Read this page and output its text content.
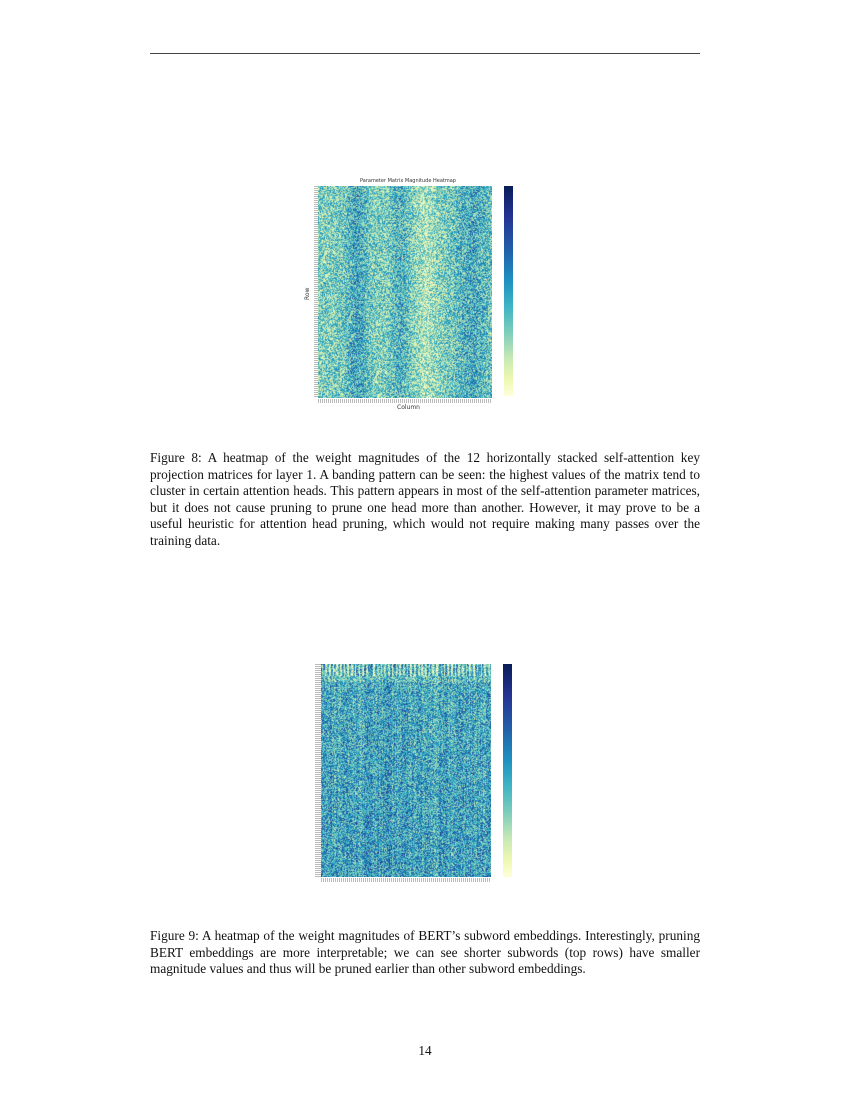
Parameter Matrix Magnitude Heatmap
Column
Row
Figure 8: A heatmap of the weight magnitudes of the 12 horizontally stacked self-attention key projection matrices for layer 1. A banding pattern can be seen: the highest values of the matrix tend to cluster in certain attention heads. This pattern appears in most of the self-attention parameter matrices, but it does not cause pruning to prune one head more than another. However, it may prove to be a useful heuristic for attention head pruning, which would not require making many passes over the training data.
Figure 9: A heatmap of the weight magnitudes of BERT’s subword embeddings. Interestingly, pruning BERT embeddings are more interpretable; we can see shorter subwords (top rows) have smaller magnitude values and thus will be pruned earlier than other subword embeddings.
14
